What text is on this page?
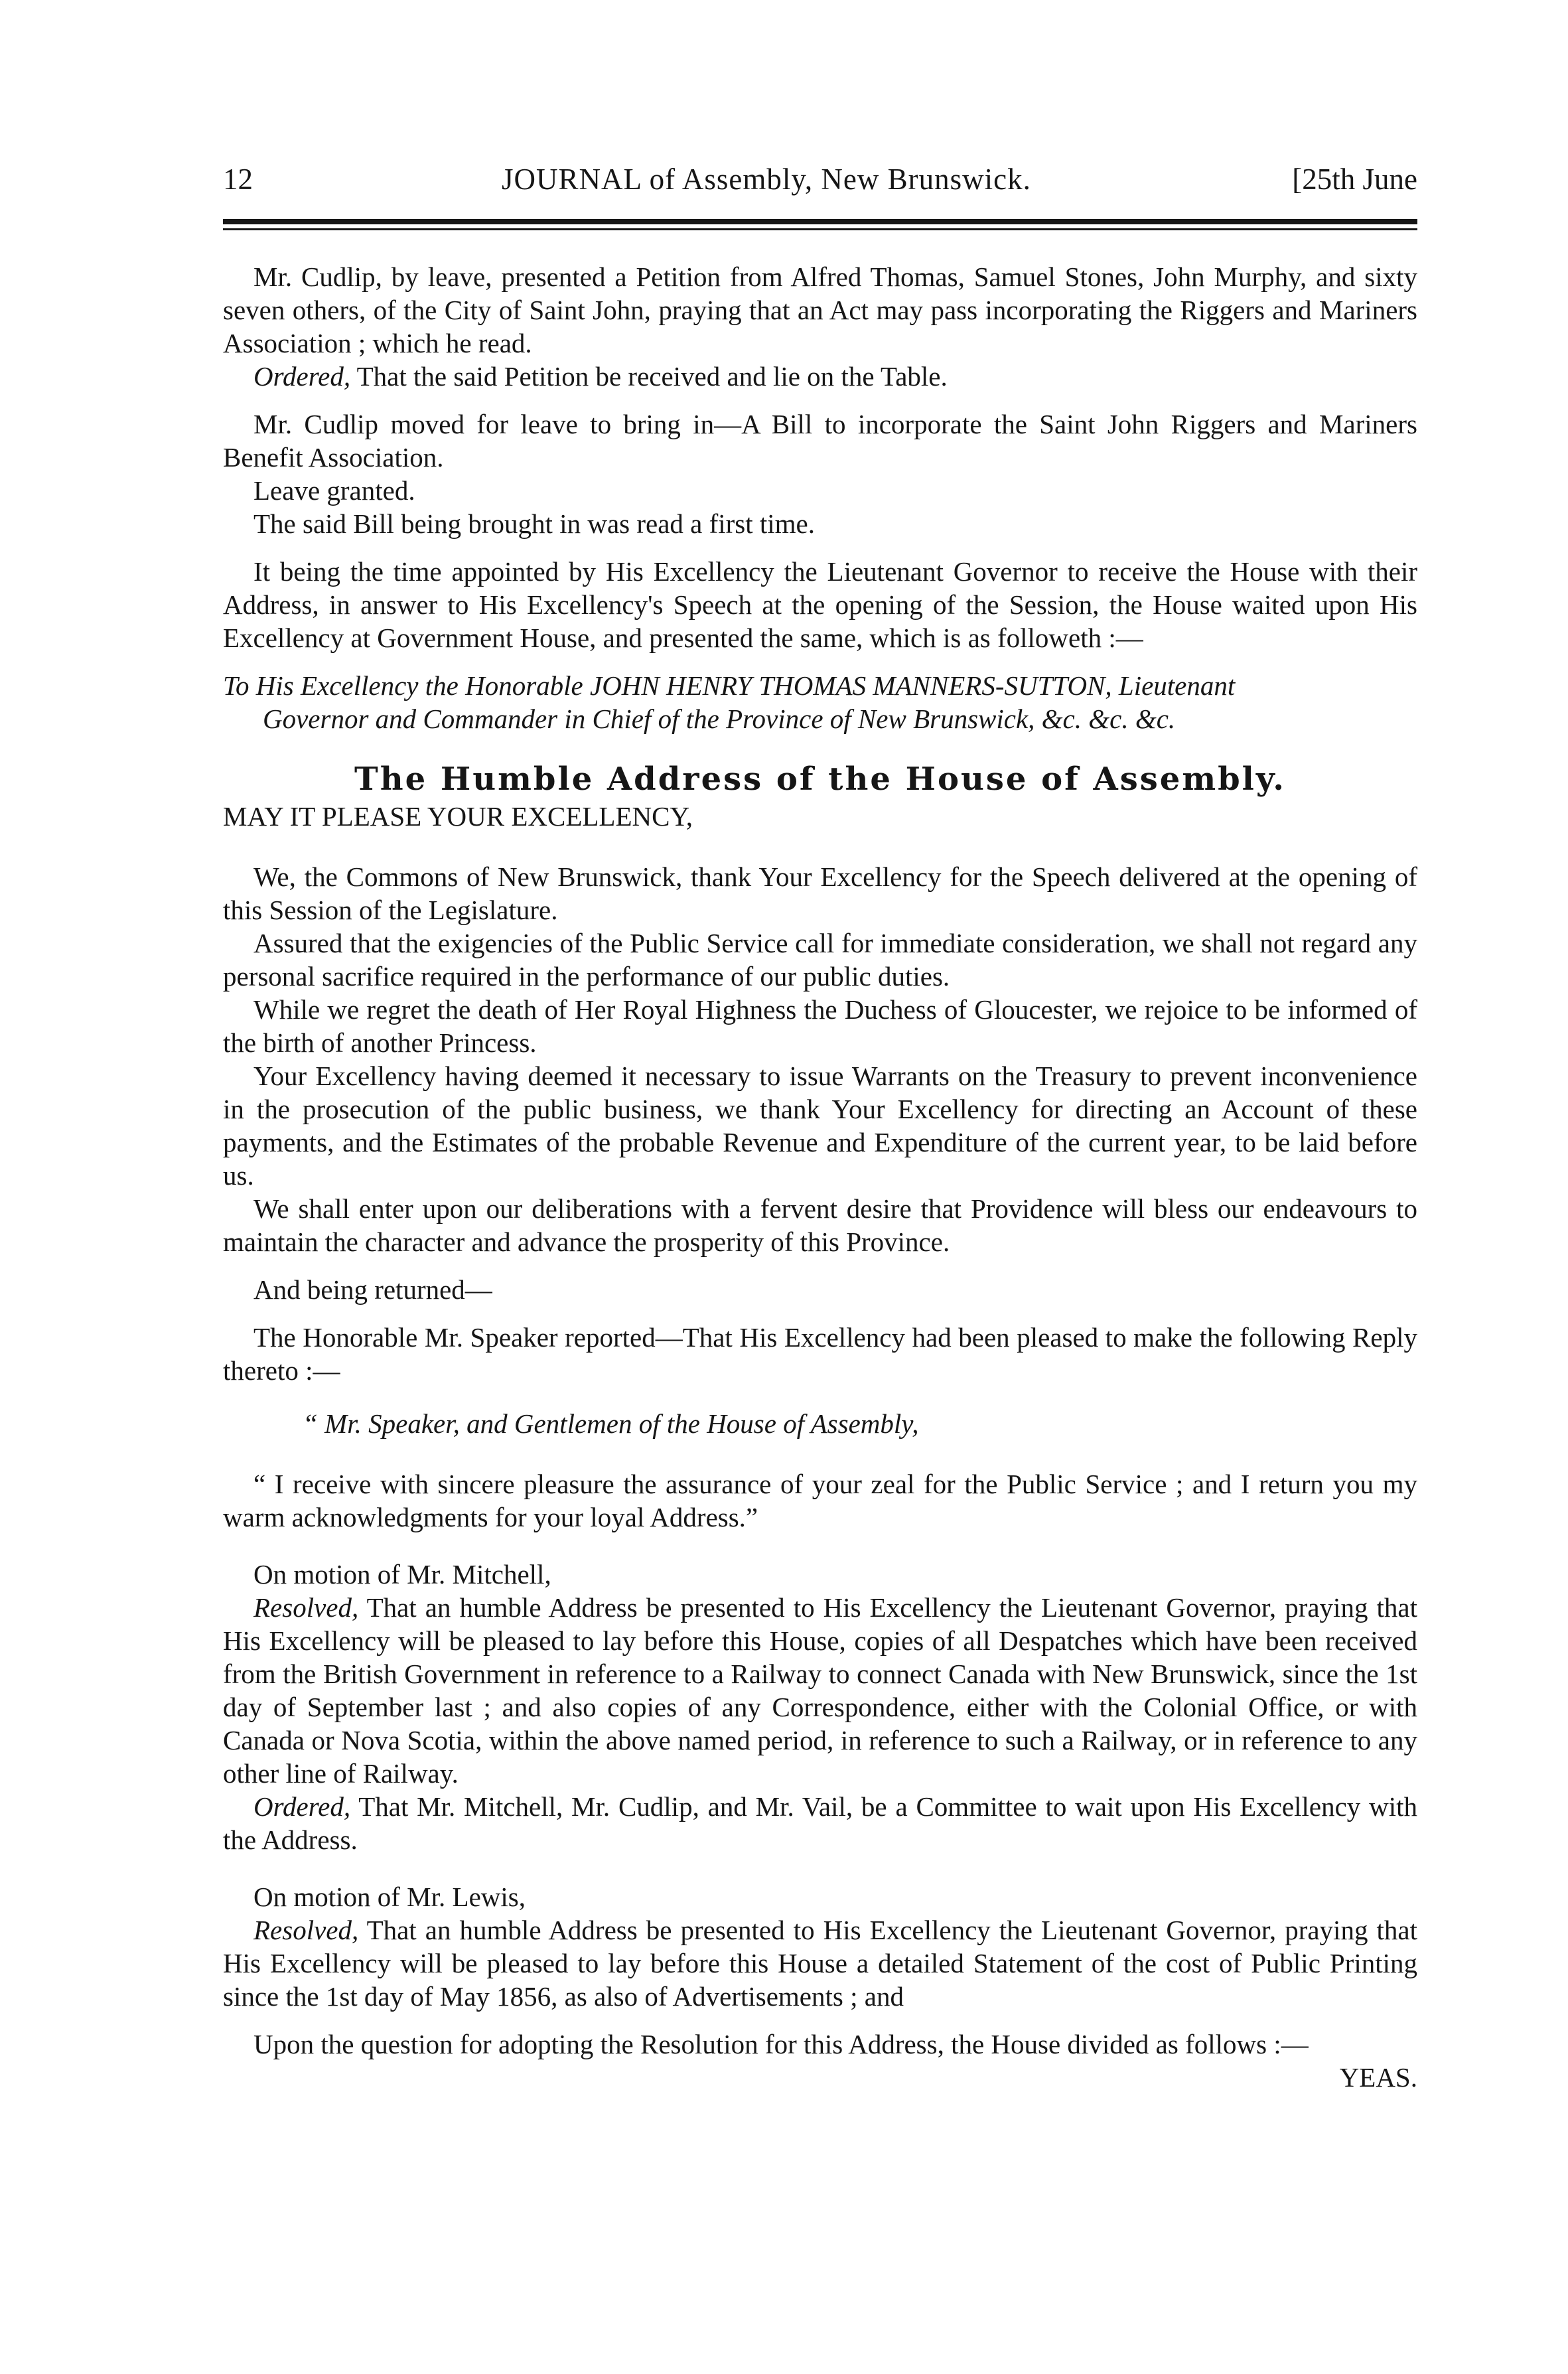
12	JOURNAL of Assembly, New Brunswick.	[25th June

Mr. Cudlip, by leave, presented a Petition from Alfred Thomas, Samuel Stones, John Murphy, and sixty seven others, of the City of Saint John, praying that an Act may pass incorporating the Riggers and Mariners Association ; which he read.

Ordered, That the said Petition be received and lie on the Table.

Mr. Cudlip moved for leave to bring in—A Bill to incorporate the Saint John Riggers and Mariners Benefit Association.

Leave granted.

The said Bill being brought in was read a first time.

It being the time appointed by His Excellency the Lieutenant Governor to receive the House with their Address, in answer to His Excellency's Speech at the opening of the Session, the House waited upon His Excellency at Government House, and presented the same, which is as followeth :—

To His Excellency the Honorable JOHN HENRY THOMAS MANNERS-SUTTON, Lieutenant
Governor and Commander in Chief of the Province of New Brunswick, &c. &c. &c.

The Humble Address of the House of Assembly.

MAY IT PLEASE YOUR EXCELLENCY,

We, the Commons of New Brunswick, thank Your Excellency for the Speech delivered at the opening of this Session of the Legislature.

Assured that the exigencies of the Public Service call for immediate consideration, we shall not regard any personal sacrifice required in the performance of our public duties.

While we regret the death of Her Royal Highness the Duchess of Gloucester, we rejoice to be informed of the birth of another Princess.

Your Excellency having deemed it necessary to issue Warrants on the Treasury to prevent inconvenience in the prosecution of the public business, we thank Your Excellency for directing an Account of these payments, and the Estimates of the probable Revenue and Expenditure of the current year, to be laid before us.

We shall enter upon our deliberations with a fervent desire that Providence will bless our endeavours to maintain the character and advance the prosperity of this Province.

And being returned—

The Honorable Mr. Speaker reported—That His Excellency had been pleased to make the following Reply thereto :—

“ Mr. Speaker, and Gentlemen of the House of Assembly,

“ I receive with sincere pleasure the assurance of your zeal for the Public Service ; and I return you my warm acknowledgments for your loyal Address.”

On motion of Mr. Mitchell,

Resolved, That an humble Address be presented to His Excellency the Lieutenant Governor, praying that His Excellency will be pleased to lay before this House, copies of all Despatches which have been received from the British Government in reference to a Railway to connect Canada with New Brunswick, since the 1st day of September last ; and also copies of any Correspondence, either with the Colonial Office, or with Canada or Nova Scotia, within the above named period, in reference to such a Railway, or in reference to any other line of Railway.

Ordered, That Mr. Mitchell, Mr. Cudlip, and Mr. Vail, be a Committee to wait upon His Excellency with the Address.

On motion of Mr. Lewis,

Resolved, That an humble Address be presented to His Excellency the Lieutenant Governor, praying that His Excellency will be pleased to lay before this House a detailed Statement of the cost of Public Printing since the 1st day of May 1856, as also of Advertisements ; and

Upon the question for adopting the Resolution for this Address, the House divided as follows :—

YEAS.
